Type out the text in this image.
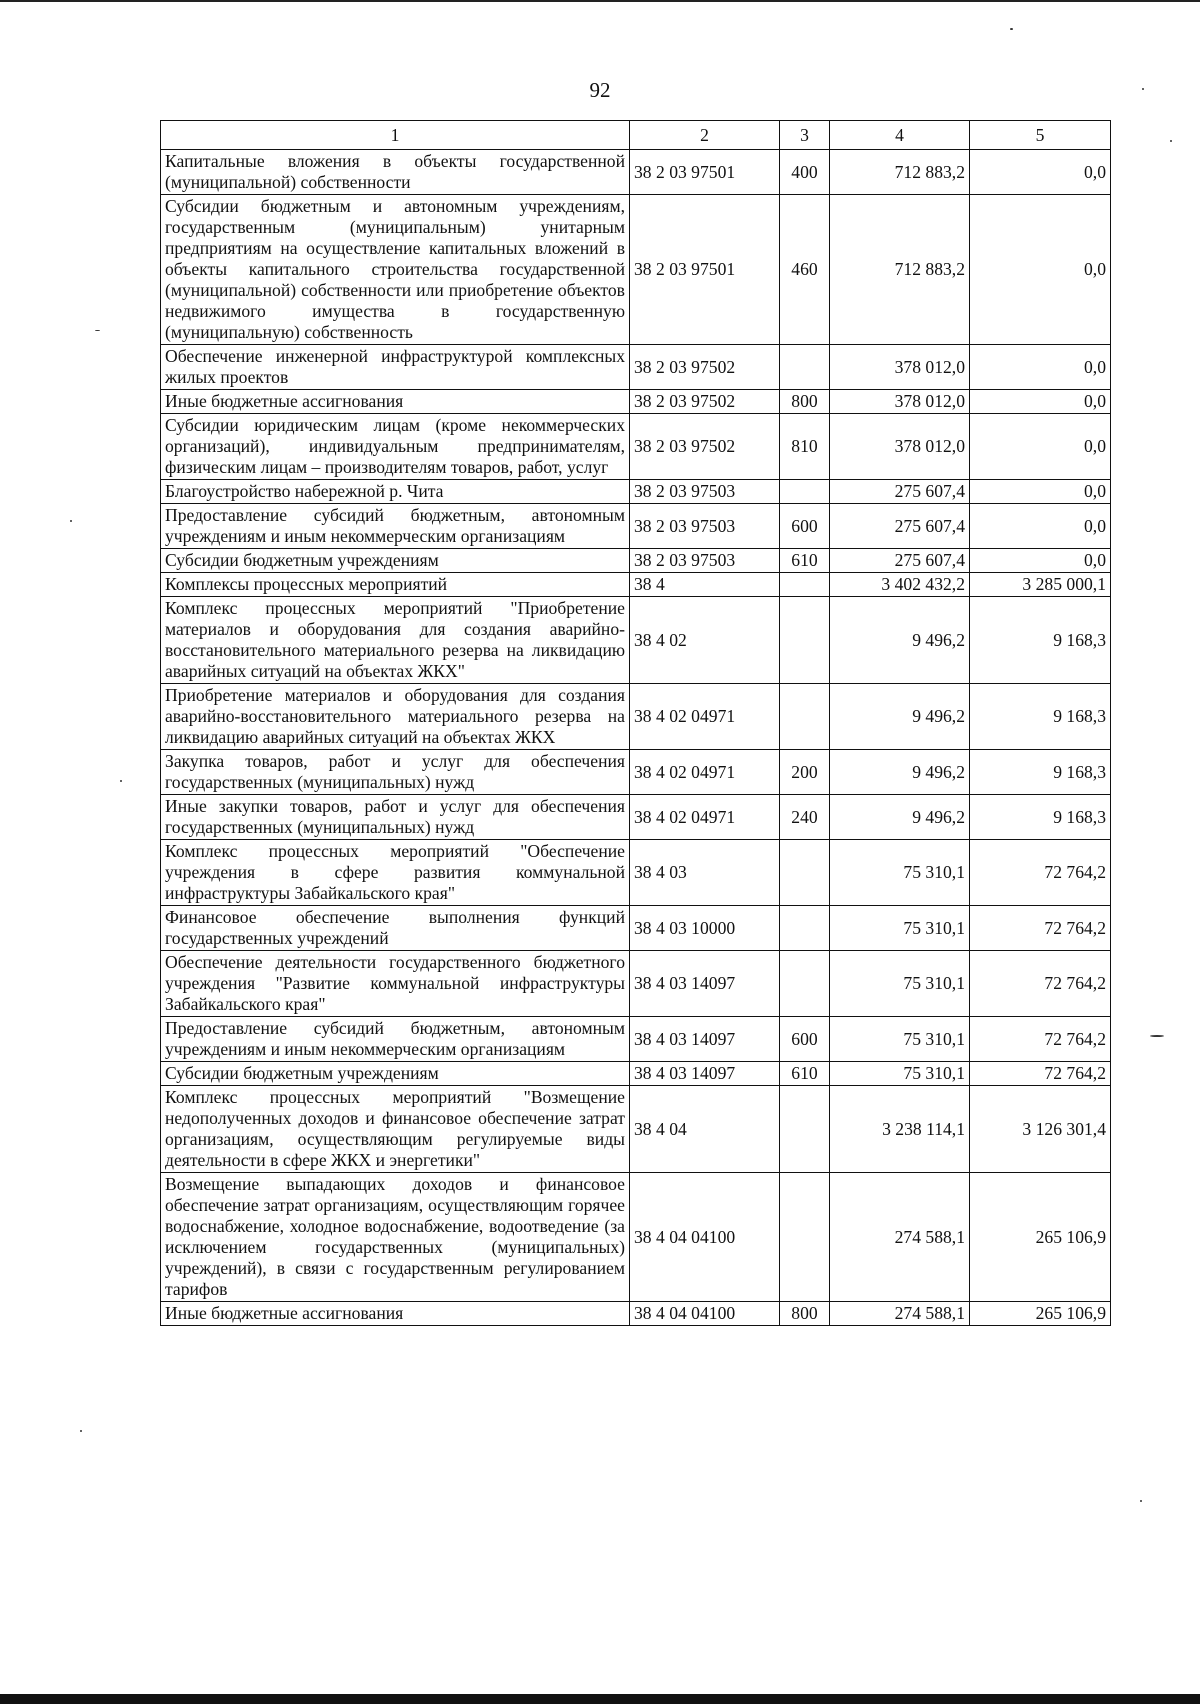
92
1	2	3	4	5
Капитальные вложения в объекты государственной (муниципальной) собственности	38 2 03 97501	400	712 883,2	0,0
Субсидии бюджетным и автономным учреждениям, государственным (муниципальным) унитарным предприятиям на осуществление капитальных вложений в объекты капитального строительства государственной (муниципальной) собственности или приобретение объектов недвижимого имущества в государственную (муниципальную) собственность	38 2 03 97501	460	712 883,2	0,0
Обеспечение инженерной инфраструктурой комплексных жилых проектов	38 2 03 97502		378 012,0	0,0
Иные бюджетные ассигнования	38 2 03 97502	800	378 012,0	0,0
Субсидии юридическим лицам (кроме некоммерческих организаций), индивидуальным предпринимателям, физическим лицам – производителям товаров, работ, услуг	38 2 03 97502	810	378 012,0	0,0
Благоустройство набережной р. Чита	38 2 03 97503		275 607,4	0,0
Предоставление субсидий бюджетным, автономным учреждениям и иным некоммерческим организациям	38 2 03 97503	600	275 607,4	0,0
Субсидии бюджетным учреждениям	38 2 03 97503	610	275 607,4	0,0
Комплексы процессных мероприятий	38 4		3 402 432,2	3 285 000,1
Комплекс процессных мероприятий "Приобретение материалов и оборудования для создания аварийно-восстановительного материального резерва на ликвидацию аварийных ситуаций на объектах ЖКХ"	38 4 02		9 496,2	9 168,3
Приобретение материалов и оборудования для создания аварийно-восстановительного материального резерва на ликвидацию аварийных ситуаций на объектах ЖКХ	38 4 02 04971		9 496,2	9 168,3
Закупка товаров, работ и услуг для обеспечения государственных (муниципальных) нужд	38 4 02 04971	200	9 496,2	9 168,3
Иные закупки товаров, работ и услуг для обеспечения государственных (муниципальных) нужд	38 4 02 04971	240	9 496,2	9 168,3
Комплекс процессных мероприятий "Обеспечение учреждения в сфере развития коммунальной инфраструктуры Забайкальского края"	38 4 03		75 310,1	72 764,2
Финансовое обеспечение выполнения функций государственных учреждений	38 4 03 10000		75 310,1	72 764,2
Обеспечение деятельности государственного бюджетного учреждения "Развитие коммунальной инфраструктуры Забайкальского края"	38 4 03 14097		75 310,1	72 764,2
Предоставление субсидий бюджетным, автономным учреждениям и иным некоммерческим организациям	38 4 03 14097	600	75 310,1	72 764,2
Субсидии бюджетным учреждениям	38 4 03 14097	610	75 310,1	72 764,2
Комплекс процессных мероприятий "Возмещение недополученных доходов и финансовое обеспечение затрат организациям, осуществляющим регулируемые виды деятельности в сфере ЖКХ и энергетики"	38 4 04		3 238 114,1	3 126 301,4
Возмещение выпадающих доходов и финансовое обеспечение затрат организациям, осуществляющим горячее водоснабжение, холодное водоснабжение, водоотведение (за исключением государственных (муниципальных) учреждений), в связи с государственным регулированием тарифов	38 4 04 04100		274 588,1	265 106,9
Иные бюджетные ассигнования	38 4 04 04100	800	274 588,1	265 106,9
